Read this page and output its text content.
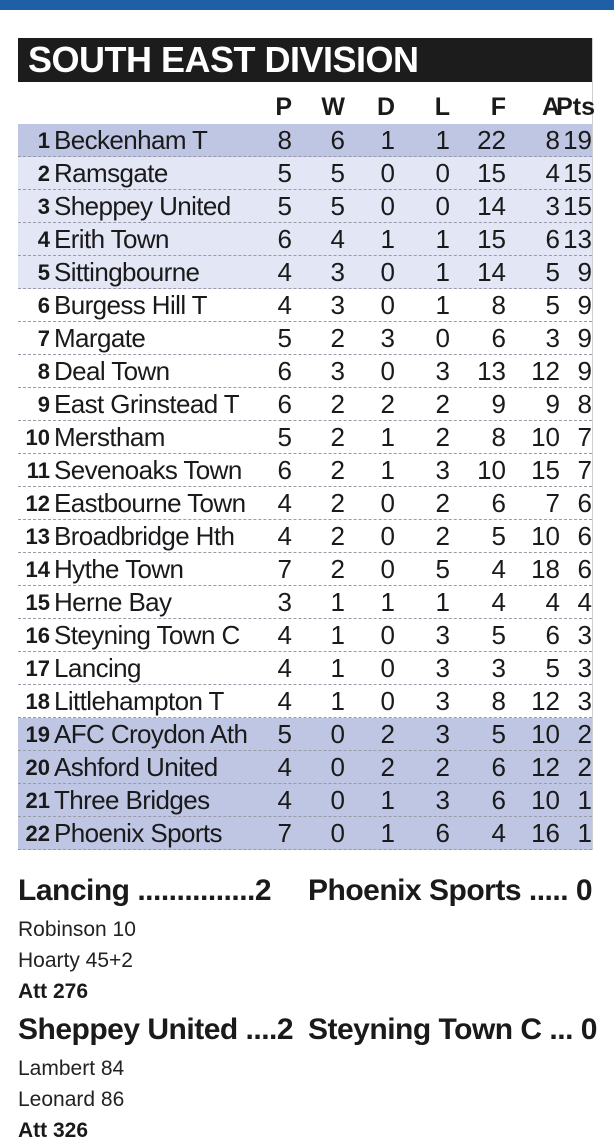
SOUTH EAST DIVISION
P	W	D	L	F	A
Pts
1 Beckenham T	8	6	1	1	22	8 19
2 Ramsgate	5	5	0	0	15	4 15
3 Sheppey United	5	5	0	0	14	3 15
4 Erith Town	6	4	1	1	15	6 13
5 Sittingbourne	4	3	0	1	14	5 9
6 Burgess Hill T	4	3	0	1	8	5 9
7 Margate	5	2	3	0	6	3 9
8 Deal Town	6	3	0	3	13 12 9
9 East Grinstead T	6	2	2	2	9	9 8
10 Merstham	5	2	1	2	8 10 7
11 Sevenoaks Town	6	2	1	3	10 15 7
12 Eastbourne Town	4	2	0	2	6	7 6
13 Broadbridge Hth	4	2	0	2	5 10 6
14 Hythe Town	7	2	0	5	4 18 6
15 Herne Bay	3	1	1	1	4	4 4
16 Steyning Town C	4	1	0	3	5	6 3
17 Lancing	4	1	0	3	3	5 3
18 Littlehampton T	4	1	0	3	8 12 3
19 AFC Croydon Ath	5	0	2	3	5 10 2
20 Ashford United	4	0	2	2	6 12 2
21 Three Bridges	4	0	1	3	6 10 1
22 Phoenix Sports	7	0	1	6	4 16 1
Lancing ...............2 Phoenix Sports ..... 0
Robinson 10
Hoarty 45+2
Att 276
Sheppey United ....2 Steyning Town C ... 0
Lambert 84
Leonard 86
Att 326
